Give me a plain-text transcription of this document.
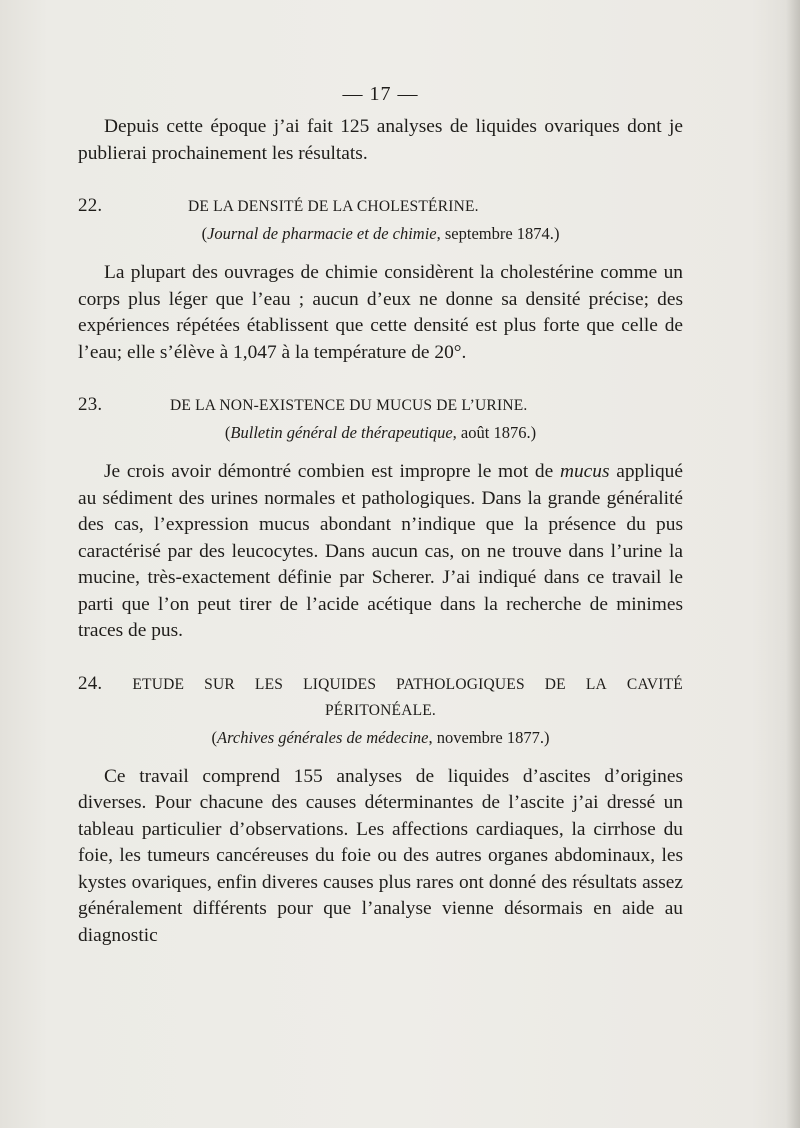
— 17 —

Depuis cette époque j’ai fait 125 analyses de liquides ovariques dont je publierai prochainement les résultats.

22.	DE LA DENSITÉ DE LA CHOLESTÉRINE.
(Journal de pharmacie et de chimie, septembre 1874.)

La plupart des ouvrages de chimie considèrent la cholestérine comme un corps plus léger que l’eau ; aucun d’eux ne donne sa densité précise; des expériences répétées établissent que cette densité est plus forte que celle de l’eau; elle s’élève à 1,047 à la température de 20°.

23.	DE LA NON-EXISTENCE DU MUCUS DE L’URINE.
(Bulletin général de thérapeutique, août 1876.)

Je crois avoir démontré combien est impropre le mot de mucus appliqué au sédiment des urines normales et pathologiques. Dans la grande généralité des cas, l’expression mucus abondant n’indique que la présence du pus caractérisé par des leucocytes. Dans aucun cas, on ne trouve dans l’urine la mucine, très-exactement définie par Scherer. J’ai indiqué dans ce travail le parti que l’on peut tirer de l’acide acétique dans la recherche de minimes traces de pus.

24. ETUDE SUR LES LIQUIDES PATHOLOGIQUES DE LA CAVITÉ
PÉRITONÉALE.
(Archives générales de médecine, novembre 1877.)

Ce travail comprend 155 analyses de liquides d’ascites d’origines diverses. Pour chacune des causes déterminantes de l’ascite j’ai dressé un tableau particulier d’observations. Les affections cardiaques, la cirrhose du foie, les tumeurs cancéreuses du foie ou des autres organes abdominaux, les kystes ovariques, enfin diveres causes plus rares ont donné des résultats assez généralement différents pour que l’analyse vienne désormais en aide au diagnostic
